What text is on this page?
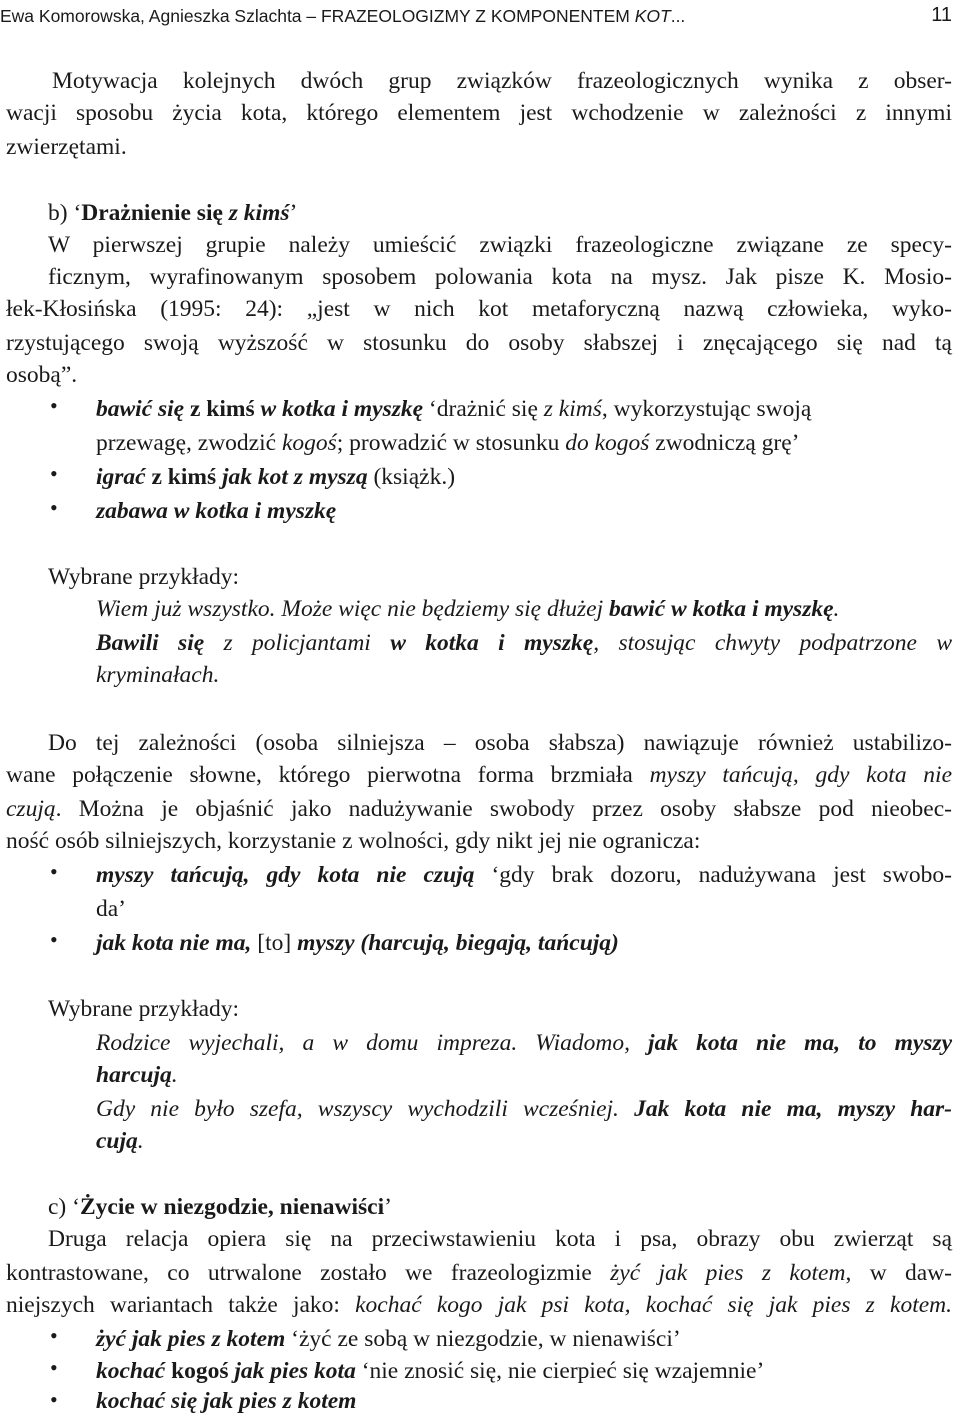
Ewa Komorowska, Agnieszka Szlachta – FRAZEOLOGIZMY Z KOMPONENTEM KOT...	11
Motywacja kolejnych dwóch grup związków frazeologicznych wynika z obser-
wacji sposobu życia kota, którego elementem jest wchodzenie w zależności z innymi
zwierzętami.
b) ‘Drażnienie się z kimś’
W pierwszej grupie należy umieścić związki frazeologiczne związane ze specy-
ficznym, wyrafinowanym sposobem polowania kota na mysz. Jak pisze K. Mosio-
łek-Kłosińska (1995: 24): „jest w nich kot metaforyczną nazwą człowieka, wyko-
rzystującego swoją wyższość w stosunku do osoby słabszej i znęcającego się nad tą
osobą”.
• bawić się z kimś w kotka i myszkę ‘drażnić się z kimś, wykorzystując swoją
przewagę, zwodzić kogoś; prowadzić w stosunku do kogoś zwodniczą grę’
• igrać z kimś jak kot z myszą (książk.)
• zabawa w kotka i myszkę
Wybrane przykłady:
Wiem już wszystko. Może więc nie będziemy się dłużej bawić w kotka i myszkę.
Bawili się z policjantami w kotka i myszkę, stosując chwyty podpatrzone w
kryminałach.
Do tej zależności (osoba silniejsza – osoba słabsza) nawiązuje również ustabilizo-
wane połączenie słowne, którego pierwotna forma brzmiała myszy tańcują, gdy kota nie
czują. Można je objaśnić jako nadużywanie swobody przez osoby słabsze pod nieobec-
ność osób silniejszych, korzystanie z wolności, gdy nikt jej nie ogranicza:
• myszy tańcują, gdy kota nie czują ‘gdy brak dozoru, nadużywana jest swobo-
da’
• jak kota nie ma, [to] myszy (harcują, biegają, tańcują)
Wybrane przykłady:
Rodzice wyjechali, a w domu impreza. Wiadomo, jak kota nie ma, to myszy
harcują.
Gdy nie było szefa, wszyscy wychodzili wcześniej. Jak kota nie ma, myszy har-
cują.
c) ‘Życie w niezgodzie, nienawiści’
Druga relacja opiera się na przeciwstawieniu kota i psa, obrazy obu zwierząt są
kontrastowane, co utrwalone zostało we frazeologizmie żyć jak pies z kotem, w daw-
niejszych wariantach także jako: kochać kogo jak psi kota, kochać się jak pies z kotem.
• żyć jak pies z kotem ‘żyć ze sobą w niezgodzie, w nienawiści’
• kochać kogoś jak pies kota ‘nie znosić się, nie cierpieć się wzajemnie’
• kochać się jak pies z kotem
